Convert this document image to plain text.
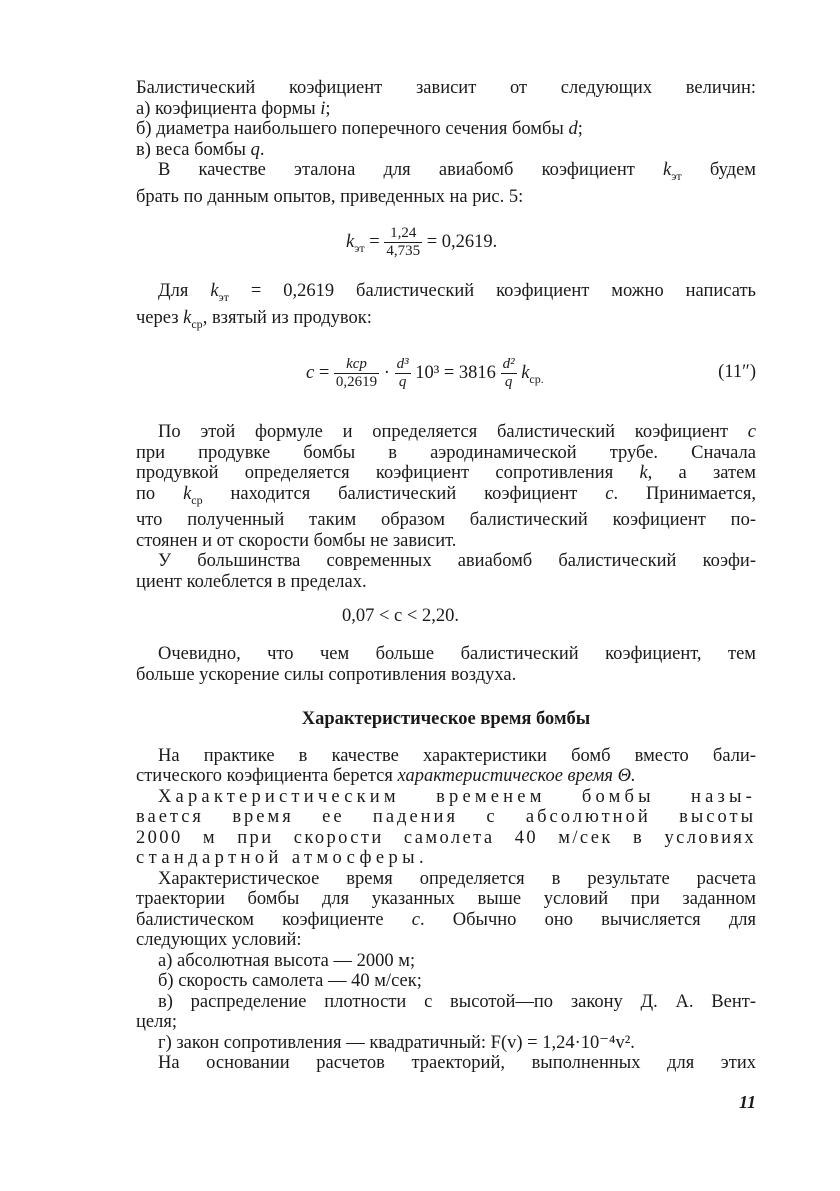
Балистический коэфициент зависит от следующих величин:

а) коэфициента формы i;

б) диаметра наибольшего поперечного сечения бомбы d;

в) веса бомбы q.

В качестве эталона для авиабомб коэфициент $k_{эт}$ будем

брать по данным опытов, приведенных на рис. 5:

$k_{эт} = \frac{1,24}{4,735} = 0,2619$.

Для $k_{эт} = 0,2619$ балистический коэфициент можно написать

через $k_{ср}$, взятый из продувок:

$c = \frac{\text{kср}}{0,2619} \cdot \frac{\text{d³}}{q} 10^3 = 3816 \frac{\text{d²}}{q} k_{ср.}$	(11″)

По этой формуле и определяется балистический коэфициент c

при продувке бомбы в аэродинамической трубе. Сначала

продувкой определяется коэфициент сопротивления k, а затем

по $k_{ср}$ находится балистический коэфициент c. Принимается,

что полученный таким образом балистический коэфициент по-

стоянен и от скорости бомбы не зависит.

У большинства современных авиабомб балистический коэфи-

циент колеблется в пределах.

0,07 < c < 2,20.

Очевидно, что чем больше балистический коэфициент, тем

больше ускорение силы сопротивления воздуха.

Характеристическое время бомбы

На практике в качестве характеристики бомб вместо бали-

стического коэфициента берется характеристическое время Θ.

Характеристическим временем бомбы назы-

вается время ее падения с абсолютной высоты

2000 м при скорости самолета 40 м/сек в условиях

стандартной атмосферы.

Характеристическое время определяется в результате расчета

траектории бомбы для указанных выше условий при заданном

балистическом коэфициенте c. Обычно оно вычисляется для

следующих условий:

а) абсолютная высота — 2000 м;

б) скорость самолета — 40 м/сек;

в) распределение плотности с высотой—по закону Д. А. Вент-

целя;

г) закон сопротивления — квадратичный: F(v) = 1,24·10⁻⁴v².

На основании расчетов траекторий, выполненных для этих

11
